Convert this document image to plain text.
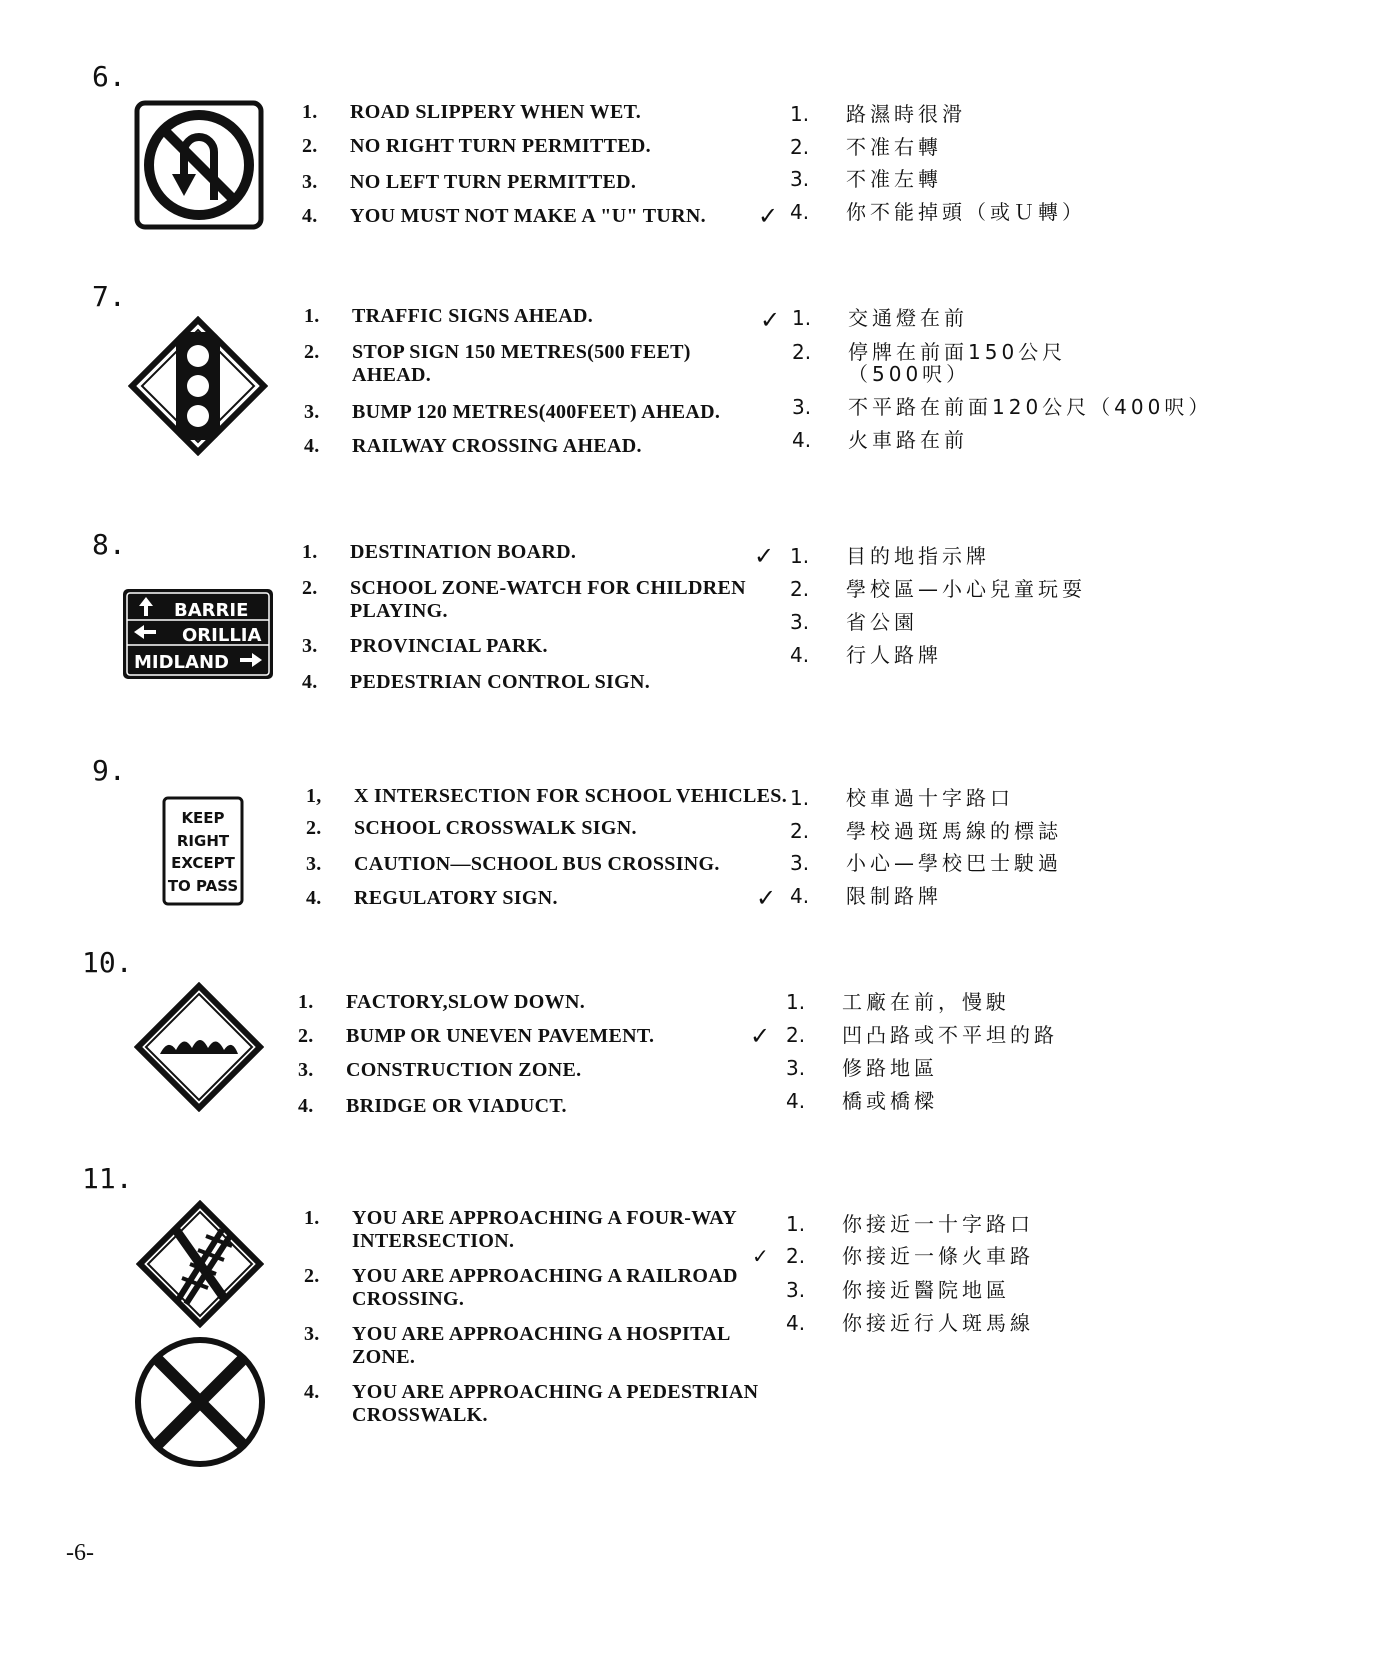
6.
1. ROAD SLIPPERY WHEN WET.
2. NO RIGHT TURN PERMITTED.
3. NO LEFT TURN PERMITTED.
4. YOU MUST NOT MAKE A "U" TURN.
1. 路濕時很滑
2. 不准右轉
3. 不准左轉
4. 你不能掉頭（或Ｕ轉）
✓
7.
1. TRAFFIC SIGNS AHEAD.
2. STOP SIGN 150 METRES(500 FEET)
AHEAD.
3. BUMP 120 METRES(400FEET) AHEAD.
4. RAILWAY CROSSING AHEAD.
✓ 1. 交通燈在前
2. 停牌在前面150公尺
（500呎）
3. 不平路在前面120公尺（400呎）
4. 火車路在前
8.
BARRIE
ORILLIA
MIDLAND
1. DESTINATION BOARD.
2. SCHOOL ZONE-WATCH FOR CHILDREN
PLAYING.
3. PROVINCIAL PARK.
4. PEDESTRIAN CONTROL SIGN.
✓ 1. 目的地指示牌
2. 學校區—小心兒童玩耍
3. 省公園
4. 行人路牌
9.
KEEP
RIGHT
EXCEPT
TO PASS
1, X INTERSECTION FOR SCHOOL VEHICLES.
2. SCHOOL CROSSWALK SIGN.
3. CAUTION—SCHOOL BUS CROSSING.
4. REGULATORY SIGN.
1. 校車過十字路口
2. 學校過斑馬線的標誌
3. 小心—學校巴士駛過
4. 限制路牌
✓
10.
1. FACTORY,SLOW DOWN.
2. BUMP OR UNEVEN PAVEMENT.
3. CONSTRUCTION ZONE.
4. BRIDGE OR VIADUCT.
1. 工廠在前，慢駛
✓ 2. 凹凸路或不平坦的路
3. 修路地區
4. 橋或橋樑
11.
1. YOU ARE APPROACHING A FOUR-WAY
INTERSECTION.
2. YOU ARE APPROACHING A RAILROAD
CROSSING.
3. YOU ARE APPROACHING A HOSPITAL
ZONE.
4. YOU ARE APPROACHING A PEDESTRIAN
CROSSWALK.
1. 你接近一十字路口
✓ 2. 你接近一條火車路
3. 你接近醫院地區
4. 你接近行人斑馬線
-6-
